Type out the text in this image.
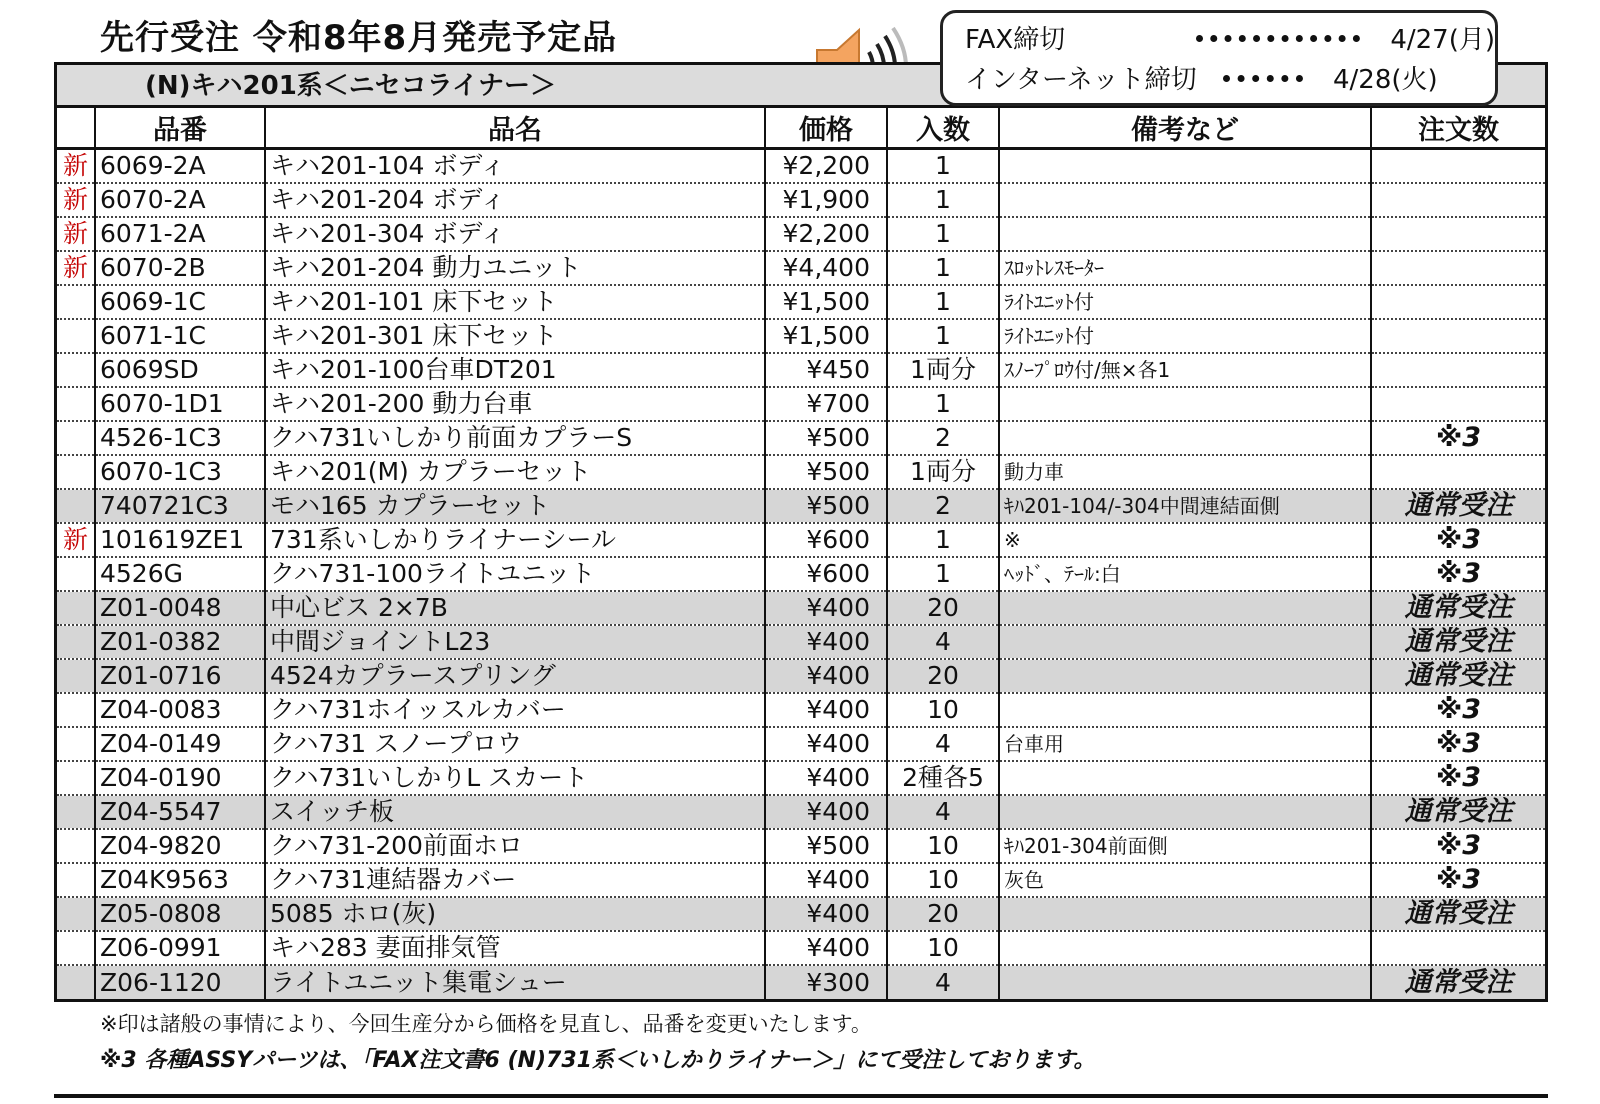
先行受注 令和8年8月発売予定品	FAX締切	4/27(月)
インターネット締切	4/28(火)
(N)キハ201系＜ニセコライナー＞
	品番	品名	価格	入数	備考など	注文数
新	6069-2A	キハ201-104 ボディ	¥2,200	1		
新	6070-2A	キハ201-204 ボディ	¥1,900	1		
新	6071-2A	キハ201-304 ボディ	¥2,200	1		
新	6070-2B	キハ201-204 動力ユニット	¥4,400	1	ｽﾛｯﾄﾚｽﾓｰﾀｰ	
	6069-1C	キハ201-101 床下セット	¥1,500	1	ﾗｲﾄﾕﾆｯﾄ付	
	6071-1C	キハ201-301 床下セット	¥1,500	1	ﾗｲﾄﾕﾆｯﾄ付	
	6069SD	キハ201-100台車DT201	¥450	1両分	ｽﾉｰﾌﾟﾛｳ付/無×各1	
	6070-1D1	キハ201-200 動力台車	¥700	1		
	4526-1C3	クハ731いしかり前面カプラーS	¥500	2		※3
	6070-1C3	キハ201(M) カプラーセット	¥500	1両分	動力車	
	740721C3	モハ165 カプラーセット	¥500	2	ｷﾊ201-104/-304中間連結面側	通常受注
新	101619ZE1	731系いしかりライナーシール	¥600	1	※	※3
	4526G	クハ731-100ライトユニット	¥600	1	ﾍｯﾄﾞ、ﾃｰﾙ:白	※3
	Z01-0048	中心ビス 2×7B	¥400	20		通常受注
	Z01-0382	中間ジョイントL23	¥400	4		通常受注
	Z01-0716	4524カプラースプリング	¥400	20		通常受注
	Z04-0083	クハ731ホイッスルカバー	¥400	10		※3
	Z04-0149	クハ731 スノープロウ	¥400	4	台車用	※3
	Z04-0190	クハ731いしかりL スカート	¥400	2種各5		※3
	Z04-5547	スイッチ板	¥400	4		通常受注
	Z04-9820	クハ731-200前面ホロ	¥500	10	ｷﾊ201-304前面側	※3
	Z04K9563	クハ731連結器カバー	¥400	10	灰色	※3
	Z05-0808	5085 ホロ(灰)	¥400	20		通常受注
	Z06-0991	キハ283 妻面排気管	¥400	10		
	Z06-1120	ライトユニット集電シュー	¥300	4		通常受注
※印は諸般の事情により、今回生産分から価格を見直し、品番を変更いたします。
※3 各種ASSYパーツは、「FAX注文書6 (N)731系＜いしかりライナー＞」にて受注しております。
